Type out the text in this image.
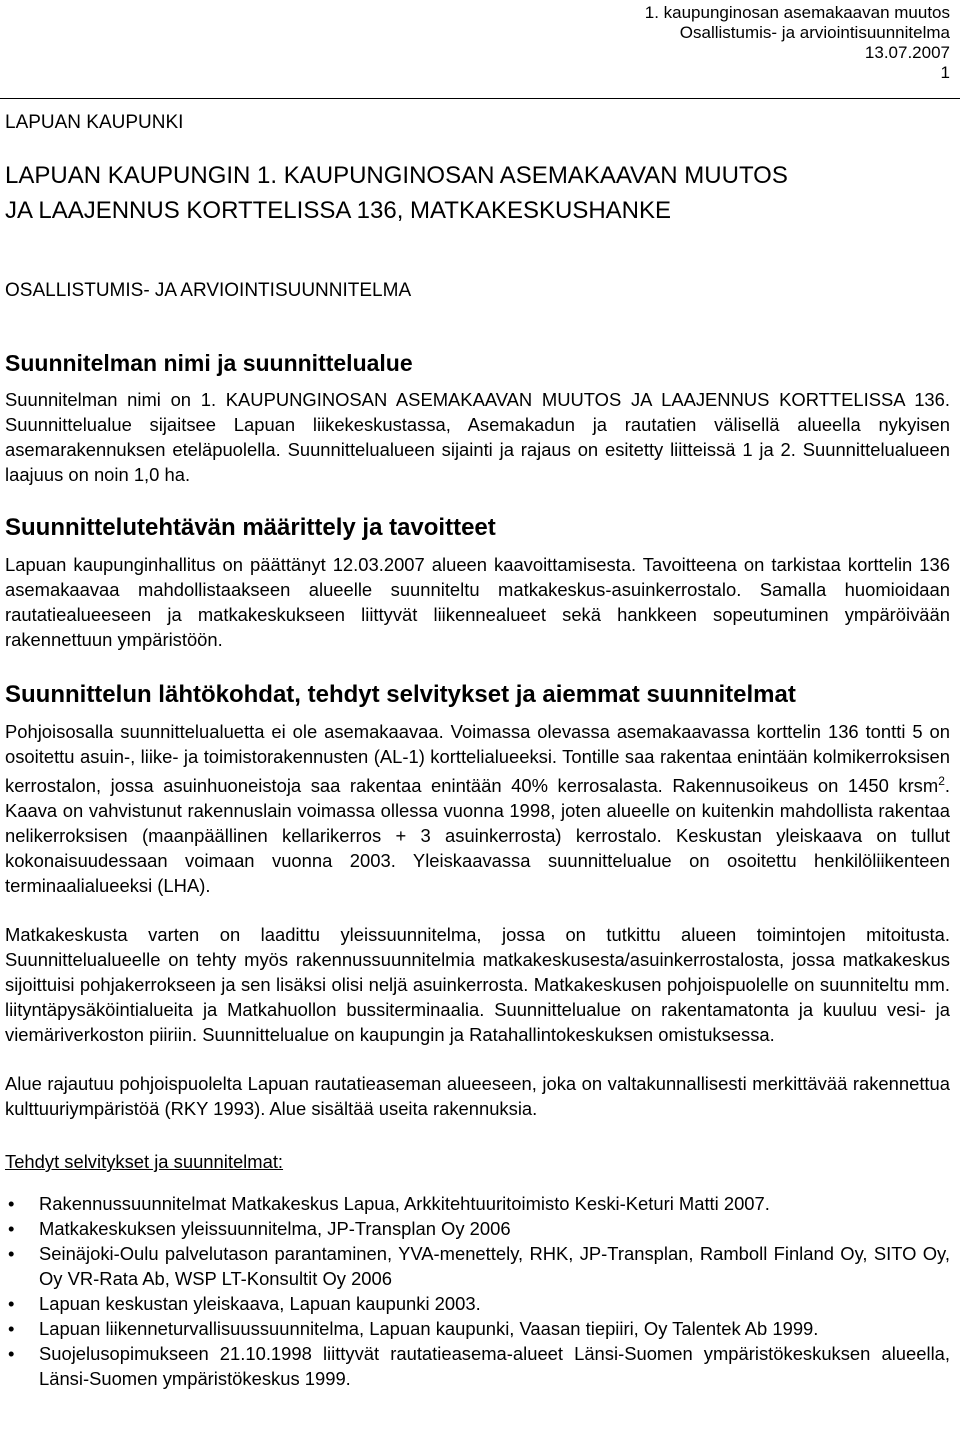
1. kaupunginosan asemakaavan muutos
Osallistumis- ja arviointisuunnitelma
13.07.2007
1
LAPUAN KAUPUNKI
LAPUAN KAUPUNGIN 1. KAUPUNGINOSAN ASEMAKAAVAN MUUTOS
JA LAAJENNUS KORTTELISSA 136, MATKAKESKUSHANKE
OSALLISTUMIS- JA ARVIOINTISUUNNITELMA
Suunnitelman nimi ja suunnittelualue

Suunnitelman nimi on 1. KAUPUNGINOSAN ASEMAKAAVAN MUUTOS JA LAAJENNUS KORTTELISSA 136. Suunnittelualue sijaitsee Lapuan liikekeskustassa, Asemakadun ja rautatien välisellä alueella nykyisen asemarakennuksen eteläpuolella. Suunnittelualueen sijainti ja rajaus on esitetty liitteissä 1 ja 2. Suunnittelualueen laajuus on noin 1,0 ha.

Suunnittelutehtävän määrittely ja tavoitteet

Lapuan kaupunginhallitus on päättänyt 12.03.2007 alueen kaavoittamisesta. Tavoitteena on tarkistaa korttelin 136 asemakaavaa mahdollistaakseen alueelle suunniteltu matkakeskus-asuinkerrostalo. Samalla huomioidaan rautatiealueeseen ja matkakeskukseen liittyvät liikennealueet sekä hankkeen sopeutuminen ympäröivään rakennettuun ympäristöön.

Suunnittelun lähtökohdat, tehdyt selvitykset ja aiemmat suunnitelmat

Pohjoisosalla suunnittelualuetta ei ole asemakaavaa. Voimassa olevassa asemakaavassa korttelin 136 tontti 5 on osoitettu asuin-, liike- ja toimistorakennusten (AL-1) korttelialueeksi. Tontille saa rakentaa enintään kolmikerroksisen kerrostalon, jossa asuinhuoneistoja saa rakentaa enintään 40% kerrosalasta. Rakennusoikeus on 1450 krsm$^2$. Kaava on vahvistunut rakennuslain voimassa ollessa vuonna 1998, joten alueelle on kuitenkin mahdollista rakentaa nelikerroksisen (maanpäällinen kellarikerros + 3 asuinkerrosta) kerrostalo. Keskustan yleiskaava on tullut kokonaisuudessaan voimaan vuonna 2003. Yleiskaavassa suunnittelualue on osoitettu henkilöliikenteen terminaalialueeksi (LHA).

Matkakeskusta varten on laadittu yleissuunnitelma, jossa on tutkittu alueen toimintojen mitoitusta. Suunnittelualueelle on tehty myös rakennussuunnitelmia matkakeskusesta/asuinkerrostalosta, jossa matkakeskus sijoittuisi pohjakerrokseen ja sen lisäksi olisi neljä asuinkerrosta. Matkakeskusen pohjoispuolelle on suunniteltu mm. liityntäpysäköintialueita ja Matkahuollon bussiterminaalia. Suunnittelualue on rakentamatonta ja kuuluu vesi- ja viemäriverkoston piiriin. Suunnittelualue on kaupungin ja Ratahallintokeskuksen omistuksessa.

Alue rajautuu pohjoispuolelta Lapuan rautatieaseman alueeseen, joka on valtakunnallisesti merkittävää rakennettua kulttuuriympäristöä (RKY 1993). Alue sisältää useita rakennuksia.

Tehdyt selvitykset ja suunnitelmat:

• Rakennussuunnitelmat Matkakeskus Lapua, Arkkitehtuuritoimisto Keski-Keturi Matti 2007.
• Matkakeskuksen yleissuunnitelma, JP-Transplan Oy 2006
• Seinäjoki-Oulu palvelutason parantaminen, YVA-menettely, RHK, JP-Transplan, Ramboll Finland Oy, SITO Oy, Oy VR-Rata Ab, WSP LT-Konsultit Oy 2006
• Lapuan keskustan yleiskaava, Lapuan kaupunki 2003.
• Lapuan liikenneturvallisuussuunnitelma, Lapuan kaupunki, Vaasan tiepiiri, Oy Talentek Ab 1999.
• Suojelusopimukseen 21.10.1998 liittyvät rautatieasema-alueet Länsi-Suomen ympäristökeskuksen alueella, Länsi-Suomen ympäristökeskus 1999.
